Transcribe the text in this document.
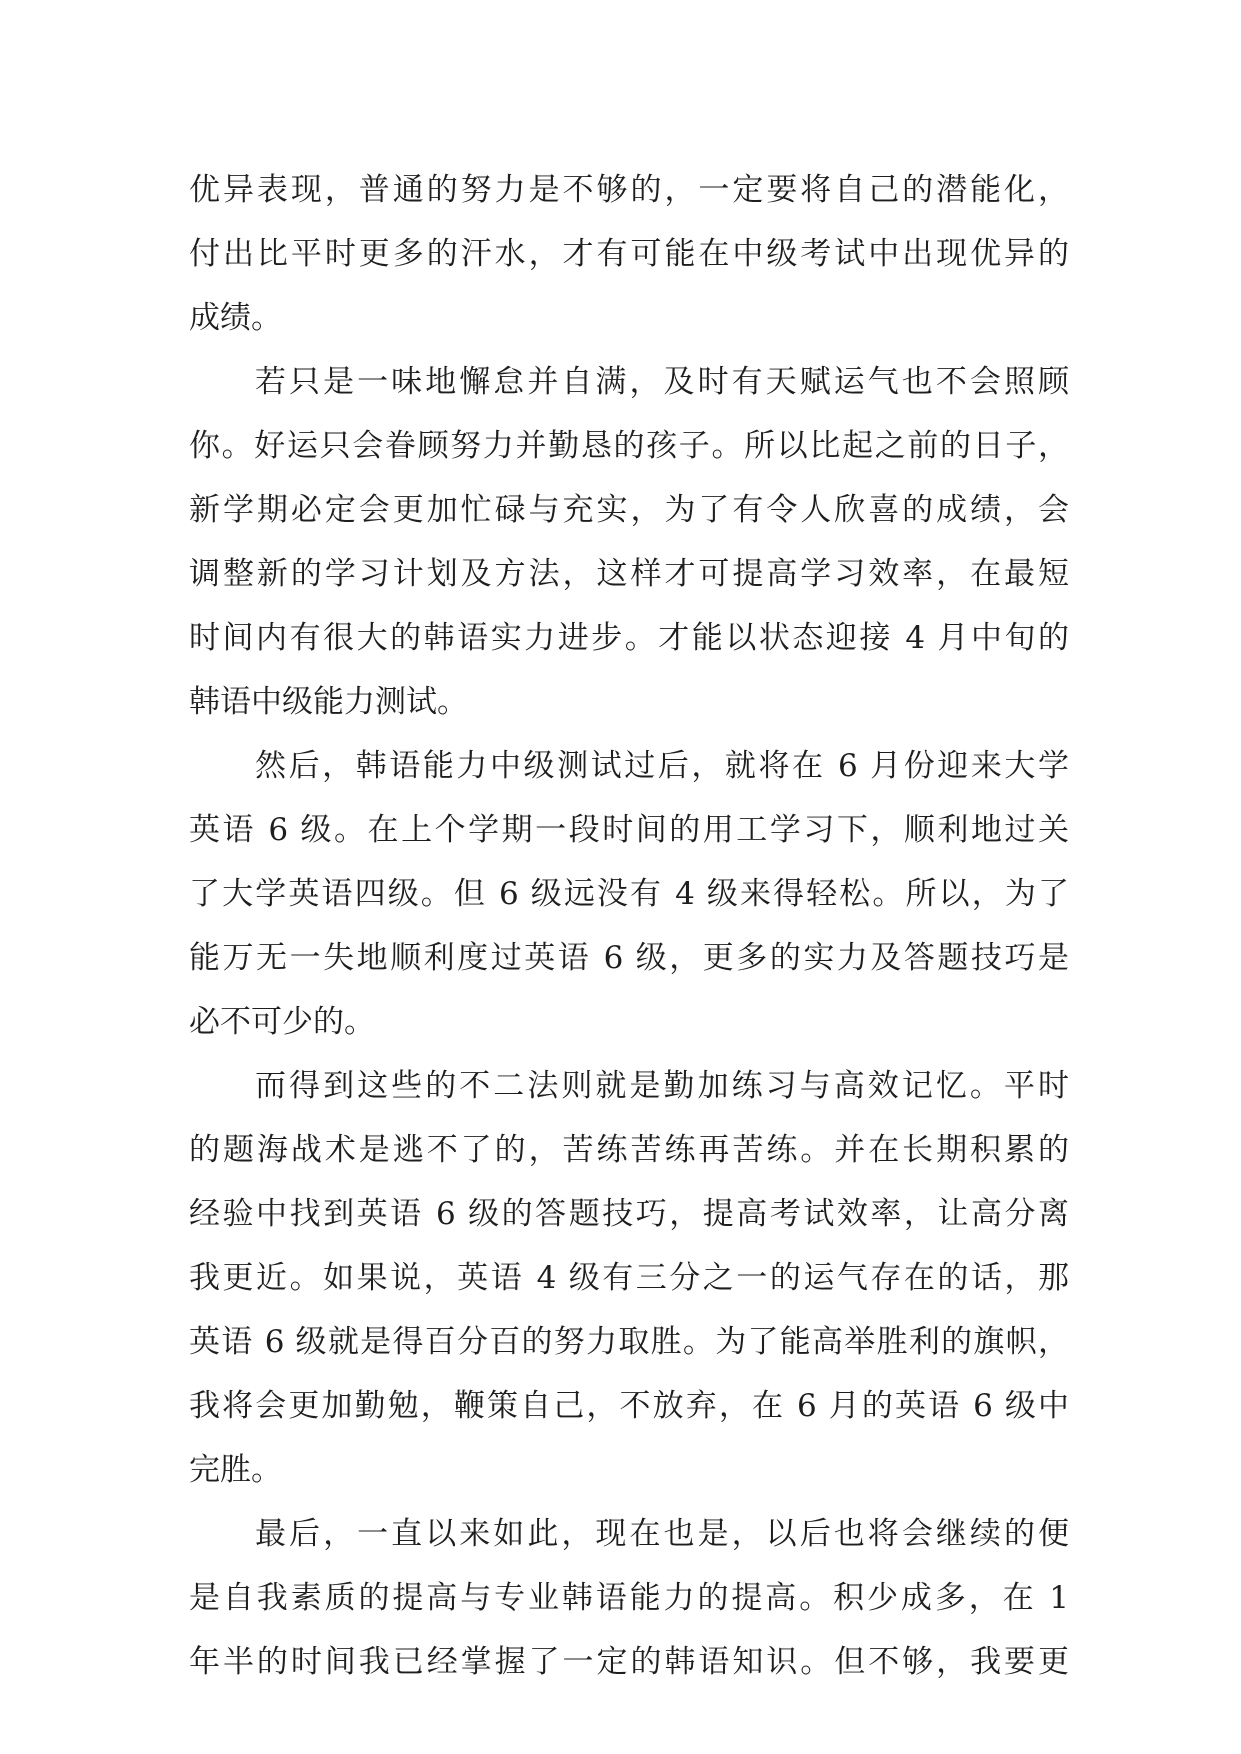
优异表现，普通的努力是不够的，一定要将自己的潜能化，
付出比平时更多的汗水，才有可能在中级考试中出现优异的
成绩。
若只是一味地懈怠并自满，及时有天赋运气也不会照顾
你。好运只会眷顾努力并勤恳的孩子。所以比起之前的日子，
新学期必定会更加忙碌与充实，为了有令人欣喜的成绩，会
调整新的学习计划及方法，这样才可提高学习效率，在最短
时间内有很大的韩语实力进步。才能以状态迎接 4 月中旬的
韩语中级能力测试。
然后，韩语能力中级测试过后，就将在 6 月份迎来大学
英语 6 级。在上个学期一段时间的用工学习下，顺利地过关
了大学英语四级。但 6 级远没有 4 级来得轻松。所以，为了
能万无一失地顺利度过英语 6 级，更多的实力及答题技巧是
必不可少的。
而得到这些的不二法则就是勤加练习与高效记忆。平时
的题海战术是逃不了的，苦练苦练再苦练。并在长期积累的
经验中找到英语 6 级的答题技巧，提高考试效率，让高分离
我更近。如果说，英语 4 级有三分之一的运气存在的话，那
英语 6 级就是得百分百的努力取胜。为了能高举胜利的旗帜，
我将会更加勤勉，鞭策自己，不放弃，在 6 月的英语 6 级中
完胜。
最后，一直以来如此，现在也是，以后也将会继续的便
是自我素质的提高与专业韩语能力的提高。积少成多，在 1
年半的时间我已经掌握了一定的韩语知识。但不够，我要更
